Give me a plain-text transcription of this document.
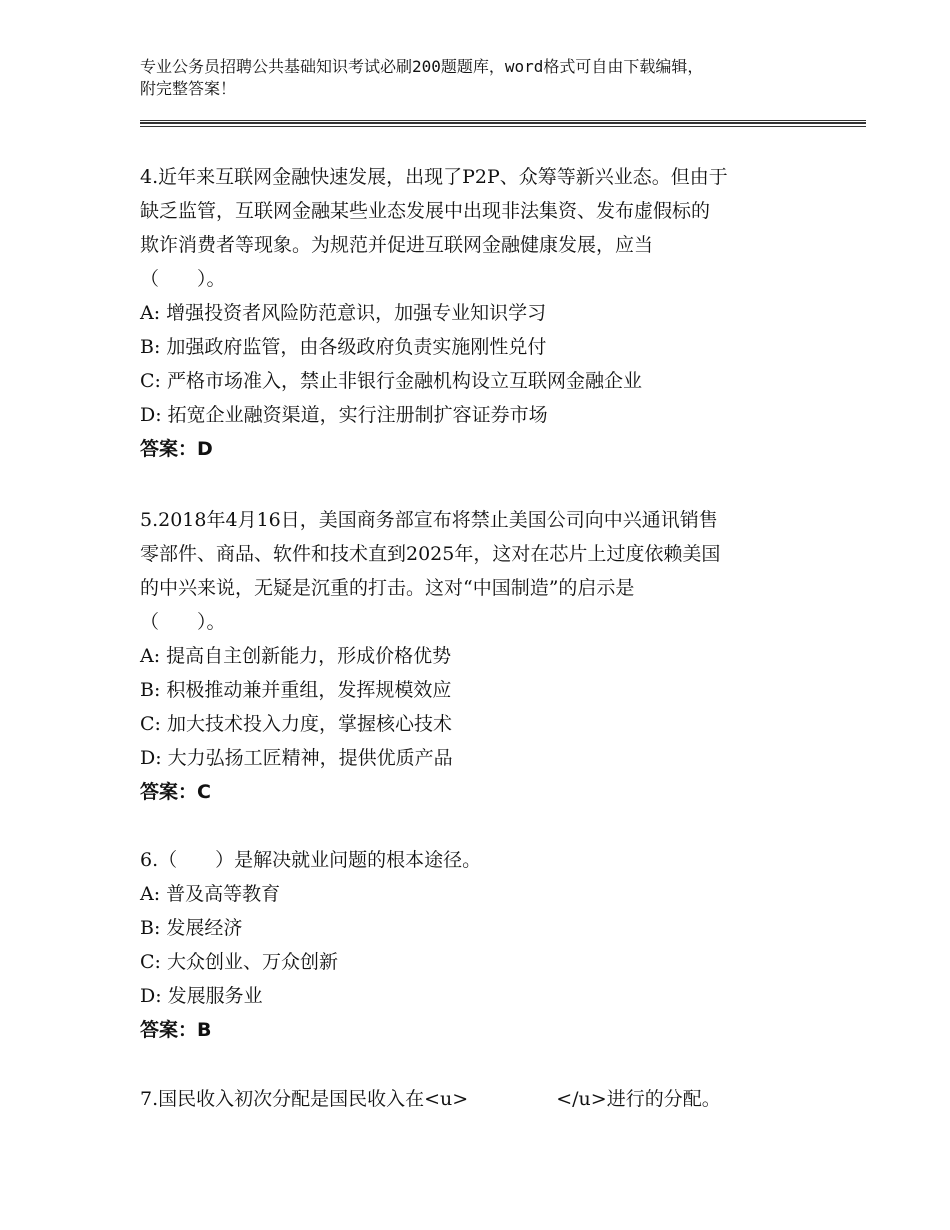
专业公务员招聘公共基础知识考试必刷200题题库，word格式可自由下载编辑，
附完整答案！
4.近年来互联网金融快速发展，出现了P2P、众筹等新兴业态。但由于
缺乏监管，互联网金融某些业态发展中出现非法集资、发布虚假标的
欺诈消费者等现象。为规范并促进互联网金融健康发展，应当
（　　）。
A: 增强投资者风险防范意识，加强专业知识学习
B: 加强政府监管，由各级政府负责实施刚性兑付
C: 严格市场准入，禁止非银行金融机构设立互联网金融企业
D: 拓宽企业融资渠道，实行注册制扩容证券市场
答案：D
5.2018年4月16日，美国商务部宣布将禁止美国公司向中兴通讯销售
零部件、商品、软件和技术直到2025年，这对在芯片上过度依赖美国
的中兴来说，无疑是沉重的打击。这对“中国制造”的启示是
（　　）。
A: 提高自主创新能力，形成价格优势
B: 积极推动兼并重组，发挥规模效应
C: 加大技术投入力度，掌握核心技术
D: 大力弘扬工匠精神，提供优质产品
答案：C
6.（　　）是解决就业问题的根本途径。
A: 普及高等教育
B: 发展经济
C: 大众创业、万众创新
D: 发展服务业
答案：B
7.国民收入初次分配是国民收入在<u>	</u>进行的分配。
